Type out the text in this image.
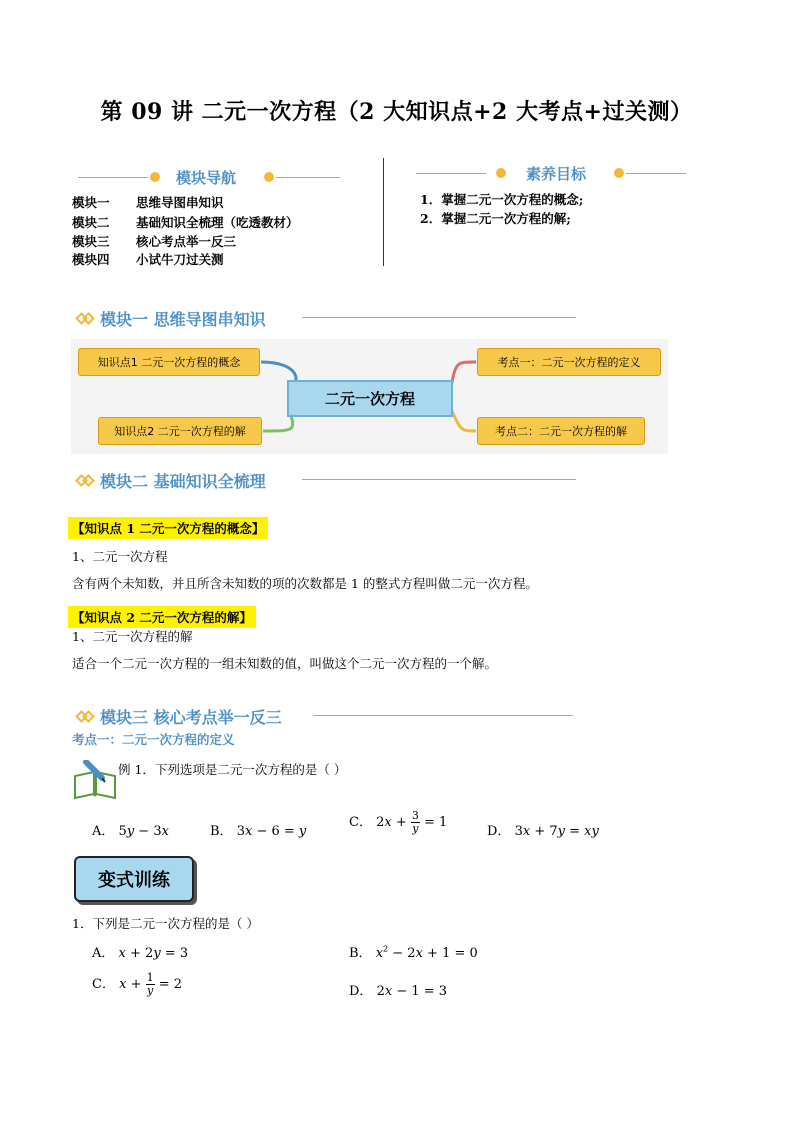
第 09 讲 二元一次方程（2 大知识点+2 大考点+过关测）
模块导航
模块一 思维导图串知识
模块二 基础知识全梳理（吃透教材）
模块三 核心考点举一反三
模块四 小试牛刀过关测
素养目标
1．掌握二元一次方程的概念;
2．掌握二元一次方程的解;
模块一 思维导图串知识
知识点1 二元一次方程的概念
知识点2 二元一次方程的解
二元一次方程
考点一：二元一次方程的定义
考点二：二元一次方程的解
模块二 基础知识全梳理
【知识点 1 二元一次方程的概念】
1、二元一次方程
含有两个未知数，并且所含未知数的项的次数都是 1 的整式方程叫做二元一次方程。
【知识点 2 二元一次方程的解】
1、二元一次方程的解
适合一个二元一次方程的一组未知数的值，叫做这个二元一次方程的一个解。
模块三 核心考点举一反三
考点一：二元一次方程的定义
例 1．下列选项是二元一次方程的是（ ）
A． 5y − 3x	B． 3x − 6 = y
C． $2x + \frac{3}{y} = 1$
D． 3x + 7y = xy
变式训练
1．下列是二元一次方程的是（ ）
A． x + 2y = 3	B． $x^2 - 2x + 1 = 0$
C． $x + \frac{1}{y} = 2$	D． 2x − 1 = 3
